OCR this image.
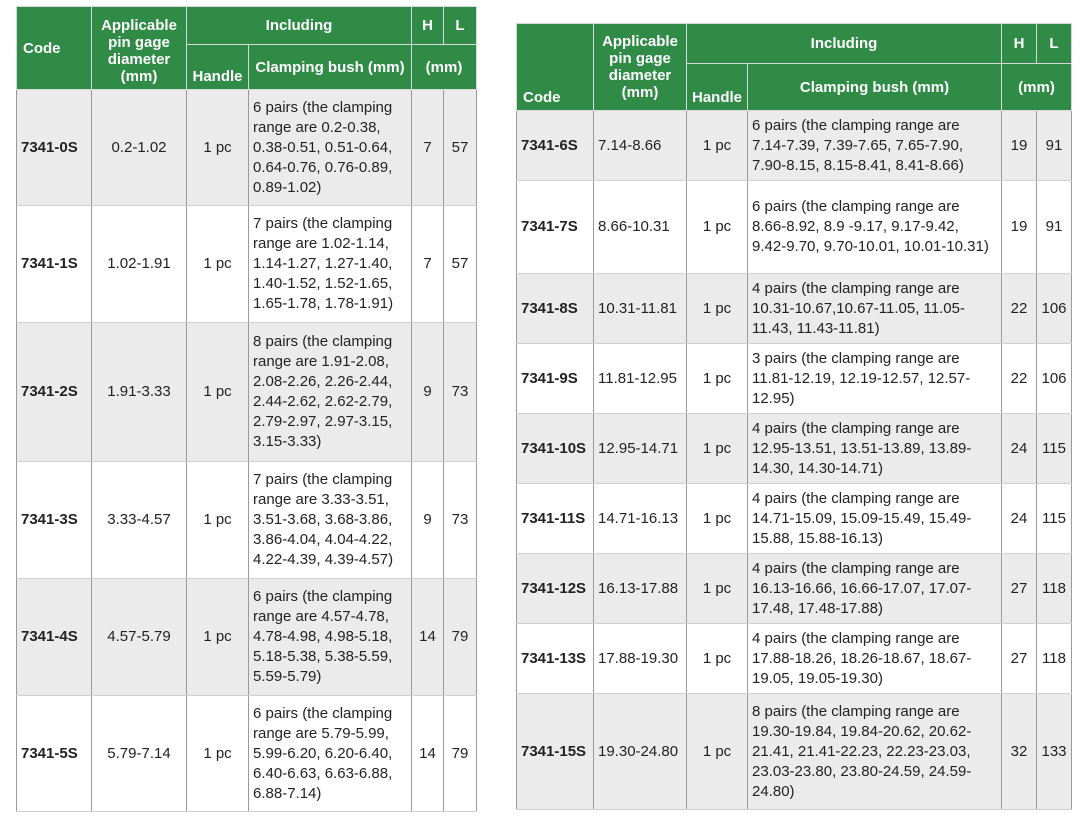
Code	Applicable pin gage diameter (mm)	Including		H	L
		Handle	Clamping bush (mm)	(mm)	
7341-0S	0.2-1.02	1 pc	6 pairs (the clamping range are 0.2-0.38, 0.38-0.51, 0.51-0.64, 0.64-0.76, 0.76-0.89, 0.89-1.02)	7	57
7341-1S	1.02-1.91	1 pc	7 pairs (the clamping range are 1.02-1.14, 1.14-1.27, 1.27-1.40, 1.40-1.52, 1.52-1.65, 1.65-1.78, 1.78-1.91)	7	57
7341-2S	1.91-3.33	1 pc	8 pairs (the clamping range are 1.91-2.08, 2.08-2.26, 2.26-2.44, 2.44-2.62, 2.62-2.79, 2.79-2.97, 2.97-3.15, 3.15-3.33)	9	73
7341-3S	3.33-4.57	1 pc	7 pairs (the clamping range are 3.33-3.51, 3.51-3.68, 3.68-3.86, 3.86-4.04, 4.04-4.22, 4.22-4.39, 4.39-4.57)	9	73
7341-4S	4.57-5.79	1 pc	6 pairs (the clamping range are 4.57-4.78, 4.78-4.98, 4.98-5.18, 5.18-5.38, 5.38-5.59, 5.59-5.79)	14	79
7341-5S	5.79-7.14	1 pc	6 pairs (the clamping range are 5.79-5.99, 5.99-6.20, 6.20-6.40, 6.40-6.63, 6.63-6.88, 6.88-7.14)	14	79
Code	Applicable pin gage diameter (mm)	Including		H	L
		Handle	Clamping bush (mm)	(mm)	
7341-6S	7.14-8.66	1 pc	6 pairs (the clamping range are 7.14-7.39, 7.39-7.65, 7.65-7.90, 7.90-8.15, 8.15-8.41, 8.41-8.66)	19	91
7341-7S	8.66-10.31	1 pc	6 pairs (the clamping range are 8.66-8.92, 8.9 -9.17, 9.17-9.42, 9.42-9.70, 9.70-10.01, 10.01-10.31)	19	91
7341-8S	10.31-11.81	1 pc	4 pairs (the clamping range are 10.31-10.67,10.67-11.05, 11.05-11.43, 11.43-11.81)	22	106
7341-9S	11.81-12.95	1 pc	3 pairs (the clamping range are 11.81-12.19, 12.19-12.57, 12.57-12.95)	22	106
7341-10S	12.95-14.71	1 pc	4 pairs (the clamping range are 12.95-13.51, 13.51-13.89, 13.89-14.30, 14.30-14.71)	24	115
7341-11S	14.71-16.13	1 pc	4 pairs (the clamping range are 14.71-15.09, 15.09-15.49, 15.49-15.88, 15.88-16.13)	24	115
7341-12S	16.13-17.88	1 pc	4 pairs (the clamping range are 16.13-16.66, 16.66-17.07, 17.07-17.48, 17.48-17.88)	27	118
7341-13S	17.88-19.30	1 pc	4 pairs (the clamping range are 17.88-18.26, 18.26-18.67, 18.67-19.05, 19.05-19.30)	27	118
7341-15S	19.30-24.80	1 pc	8 pairs (the clamping range are 19.30-19.84, 19.84-20.62, 20.62-21.41, 21.41-22.23, 22.23-23.03, 23.03-23.80, 23.80-24.59, 24.59-24.80)	32	133
